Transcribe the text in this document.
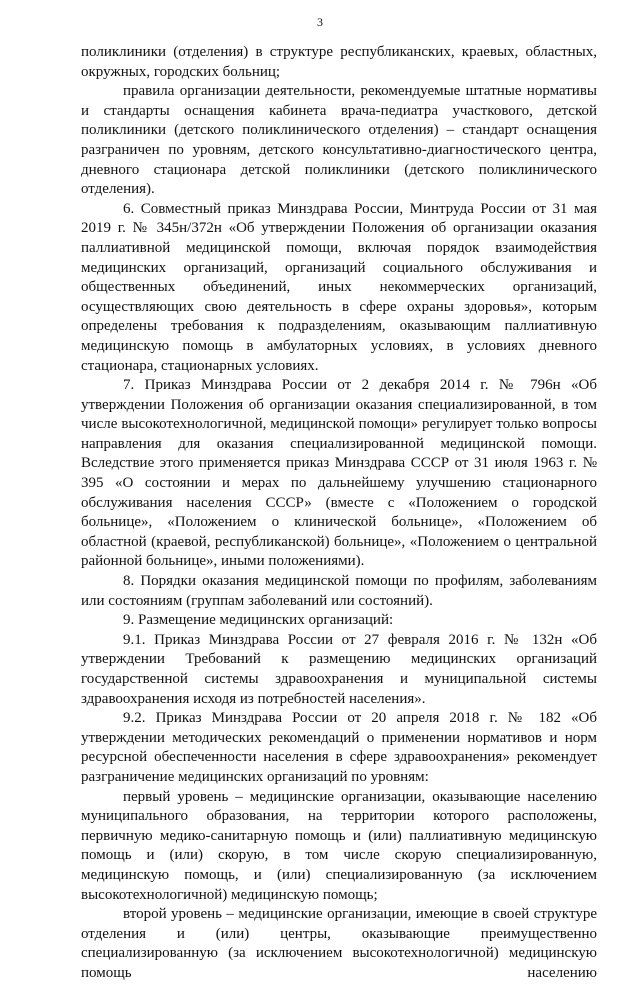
3

поликлиники (отделения) в структуре республиканских, краевых, областных, окружных, городских больниц;

правила организации деятельности, рекомендуемые штатные нормативы и стандарты оснащения кабинета врача-педиатра участкового, детской поликлиники (детского поликлинического отделения) – стандарт оснащения разграничен по уровням, детского консультативно-диагностического центра, дневного стационара детской поликлиники (детского поликлинического отделения).

6. Совместный приказ Минздрава России, Минтруда России от 31 мая 2019 г. № 345н/372н «Об утверждении Положения об организации оказания паллиативной медицинской помощи, включая порядок взаимодействия медицинских организаций, организаций социального обслуживания и общественных объединений, иных некоммерческих организаций, осуществляющих свою деятельность в сфере охраны здоровья», которым определены требования к подразделениям, оказывающим паллиативную медицинскую помощь в амбулаторных условиях, в условиях дневного стационара, стационарных условиях.

7. Приказ Минздрава России от 2 декабря 2014 г. № 796н «Об утверждении Положения об организации оказания специализированной, в том числе высокотехнологичной, медицинской помощи» регулирует только вопросы направления для оказания специализированной медицинской помощи. Вследствие этого применяется приказ Минздрава СССР от 31 июля 1963 г. № 395 «О состоянии и мерах по дальнейшему улучшению стационарного обслуживания населения СССР» (вместе с «Положением о городской больнице», «Положением о клинической больнице», «Положением об областной (краевой, республиканской) больнице», «Положением о центральной районной больнице», иными положениями).

8. Порядки оказания медицинской помощи по профилям, заболеваниям или состояниям (группам заболеваний или состояний).

9. Размещение медицинских организаций:

9.1. Приказ Минздрава России от 27 февраля 2016 г. № 132н «Об утверждении Требований к размещению медицинских организаций государственной системы здравоохранения и муниципальной системы здравоохранения исходя из потребностей населения».

9.2. Приказ Минздрава России от 20 апреля 2018 г. № 182 «Об утверждении методических рекомендаций о применении нормативов и норм ресурсной обеспеченности населения в сфере здравоохранения» рекомендует разграничение медицинских организаций по уровням:

первый уровень – медицинские организации, оказывающие населению муниципального образования, на территории которого расположены, первичную медико-санитарную помощь и (или) паллиативную медицинскую помощь и (или) скорую, в том числе скорую специализированную, медицинскую помощь, и (или) специализированную (за исключением высокотехнологичной) медицинскую помощь;

второй уровень – медицинские организации, имеющие в своей структуре отделения и (или) центры, оказывающие преимущественно специализированную (за исключением высокотехнологичной) медицинскую помощь населению
